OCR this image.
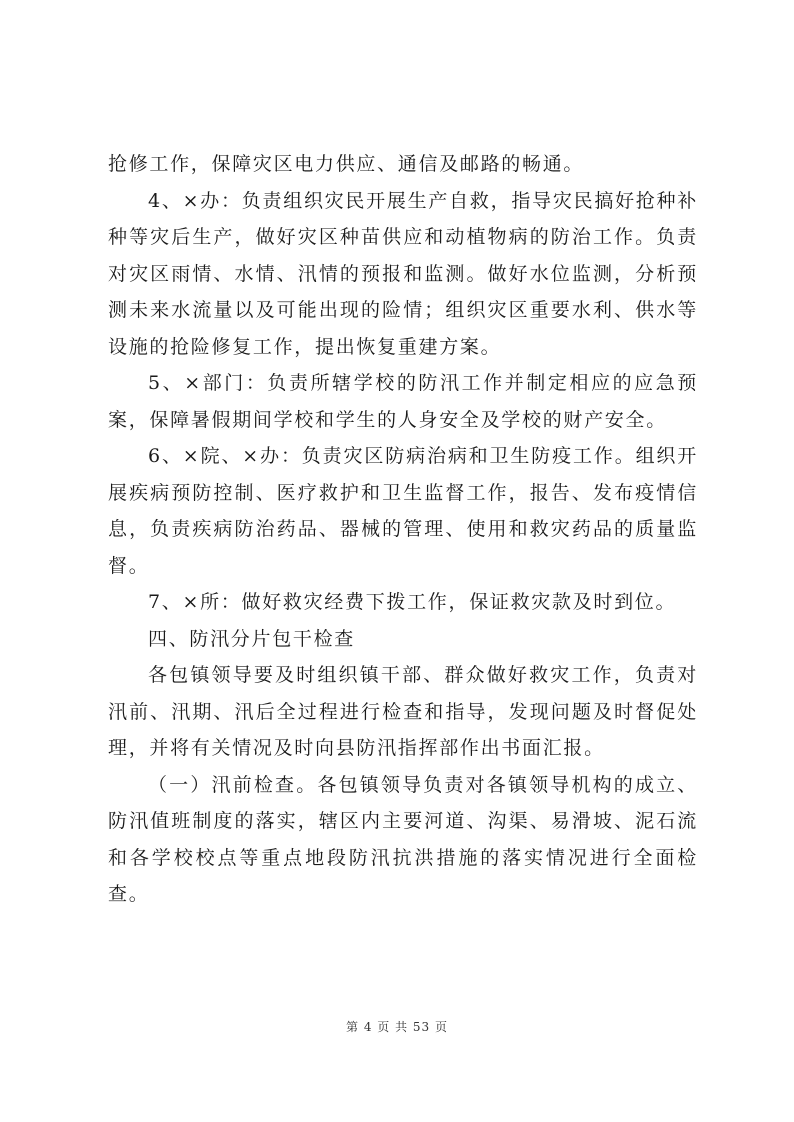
抢修工作，保障灾区电力供应、通信及邮路的畅通。

4、×办：负责组织灾民开展生产自救，指导灾民搞好抢种补种等灾后生产，做好灾区种苗供应和动植物病的防治工作。负责对灾区雨情、水情、汛情的预报和监测。做好水位监测，分析预测未来水流量以及可能出现的险情；组织灾区重要水利、供水等设施的抢险修复工作，提出恢复重建方案。

5、×部门：负责所辖学校的防汛工作并制定相应的应急预案，保障暑假期间学校和学生的人身安全及学校的财产安全。

6、×院、×办：负责灾区防病治病和卫生防疫工作。组织开展疾病预防控制、医疗救护和卫生监督工作，报告、发布疫情信息，负责疾病防治药品、器械的管理、使用和救灾药品的质量监督。

7、×所：做好救灾经费下拨工作，保证救灾款及时到位。

四、防汛分片包干检查

各包镇领导要及时组织镇干部、群众做好救灾工作，负责对汛前、汛期、汛后全过程进行检查和指导，发现问题及时督促处理，并将有关情况及时向县防汛指挥部作出书面汇报。

（一）汛前检查。各包镇领导负责对各镇领导机构的成立、防汛值班制度的落实，辖区内主要河道、沟渠、易滑坡、泥石流和各学校校点等重点地段防汛抗洪措施的落实情况进行全面检查。

第 4 页 共 53 页
